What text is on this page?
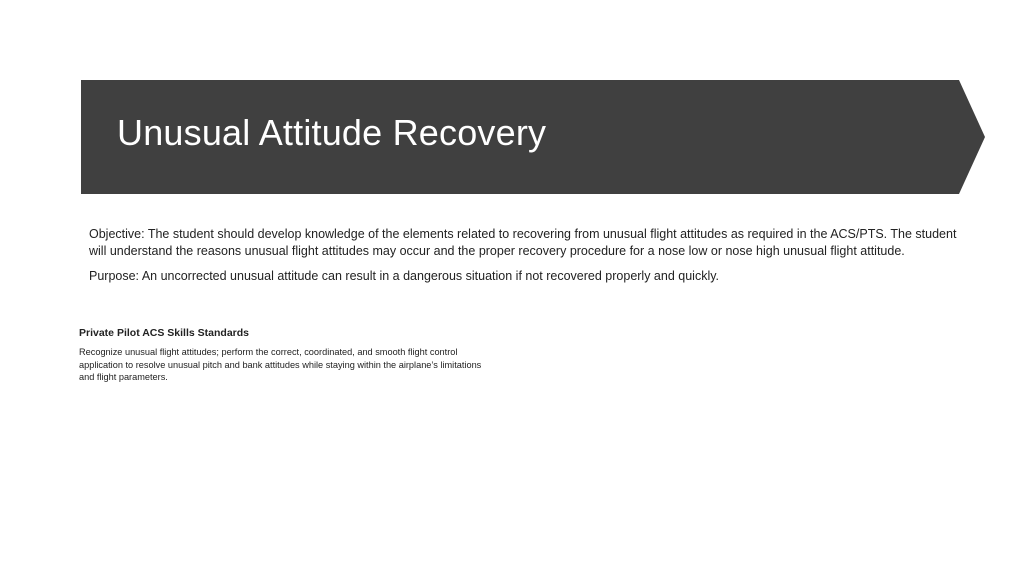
Unusual Attitude Recovery

Objective: The student should develop knowledge of the elements related to recovering from unusual flight attitudes as required in the ACS/PTS. The student will understand the reasons unusual flight attitudes may occur and the proper recovery procedure for a nose low or nose high unusual flight attitude.

Purpose: An uncorrected unusual attitude can result in a dangerous situation if not recovered properly and quickly.

Private Pilot ACS Skills Standards

Recognize unusual flight attitudes; perform the correct, coordinated, and smooth flight control application to resolve unusual pitch and bank attitudes while staying within the airplane’s limitations and flight parameters.
